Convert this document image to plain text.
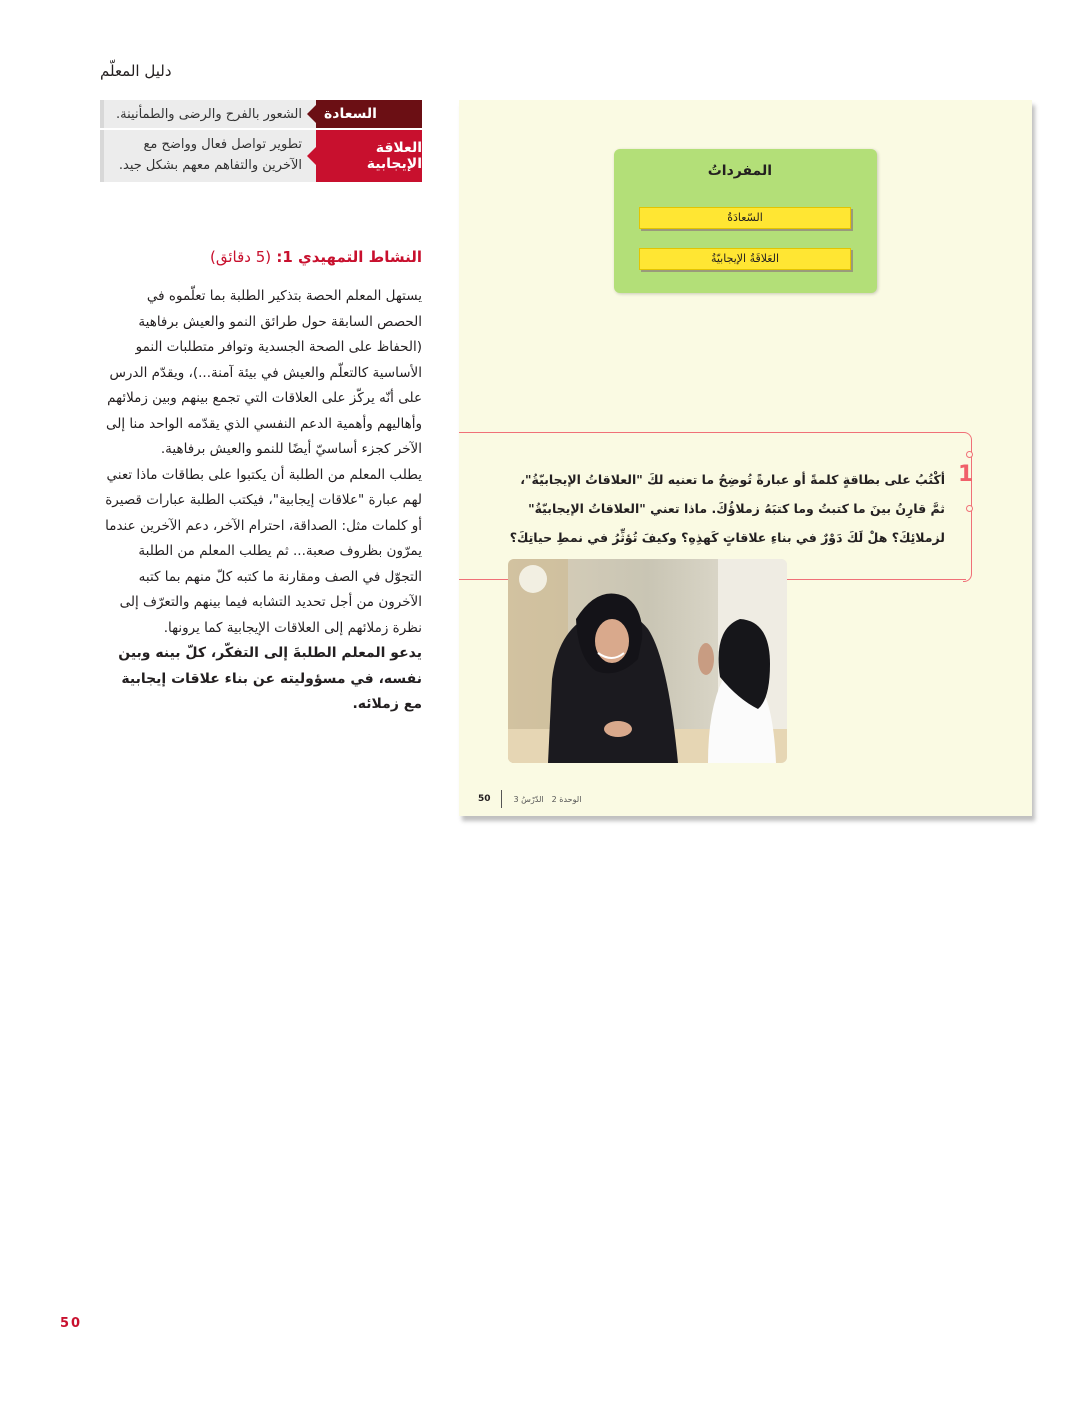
دليل المعلّم
السعادة
الشعور بالفرح والرضى والطمأنينة.
العلاقة الإيجابية
تطوير تواصل فعال وواضح مع الآخرين والتفاهم معهم بشكل جيد.
النشاط التمهيدي 1: (5 دقائق)

يستهل المعلم الحصة بتذكير الطلبة بما تعلّموه في الحصص السابقة حول طرائق النمو والعيش برفاهية (الحفاظ على الصحة الجسدية وتوافر متطلبات النمو الأساسية كالتعلّم والعيش في بيئة آمنة...)، ويقدّم الدرس على أنّه يركّز على العلاقات التي تجمع بينهم وبين زملائهم وأهاليهم وأهمية الدعم النفسي الذي يقدّمه الواحد منا إلى الآخر كجزء أساسيّ أيضًا للنمو والعيش برفاهية.

يطلب المعلم من الطلبة أن يكتبوا على بطاقات ماذا تعني لهم عبارة "علاقات إيجابية"، فيكتب الطلبة عبارات قصيرة أو كلمات مثل: الصداقة، احترام الآخر، دعم الآخرين عندما يمرّون بظروف صعبة... ثم يطلب المعلم من الطلبة التجوّل في الصف ومقارنة ما كتبه كلّ منهم بما كتبه الآخرون من أجل تحديد التشابه فيما بينهم والتعرّف إلى نظرة زملائهم إلى العلاقات الإيجابية كما يرونها.

يدعو المعلم الطلبةَ إلى التفكّر، كلّ بينه وبين نفسه، في مسؤوليته عن بناء علاقات إيجابية مع زملائه.

50
المفرداتُ
السّعادَةُ
العَلاقَةُ الإيجابيّةُ
1
أكْتُبُ على بطاقةٍ كلمةً أو عبارةً تُوضِحُ ما تعنيه لكَ "العلاقاتُ الإيجابيّةُ"، ثمَّ قارِنُ بينَ ما كتبتُ وما كتبَهُ زملاؤُكَ. ماذا تعني "العلاقاتُ الإيجابيّةُ" لزملائِكَ؟ هلْ لَكَ دَوْرٌ في بناءِ علاقاتٍ كَهذِهِ؟ وكيفَ تُؤثِّرُ في نمطِ حياتِكَ؟
50	الدّرْسُ 3 الوحدة 2
